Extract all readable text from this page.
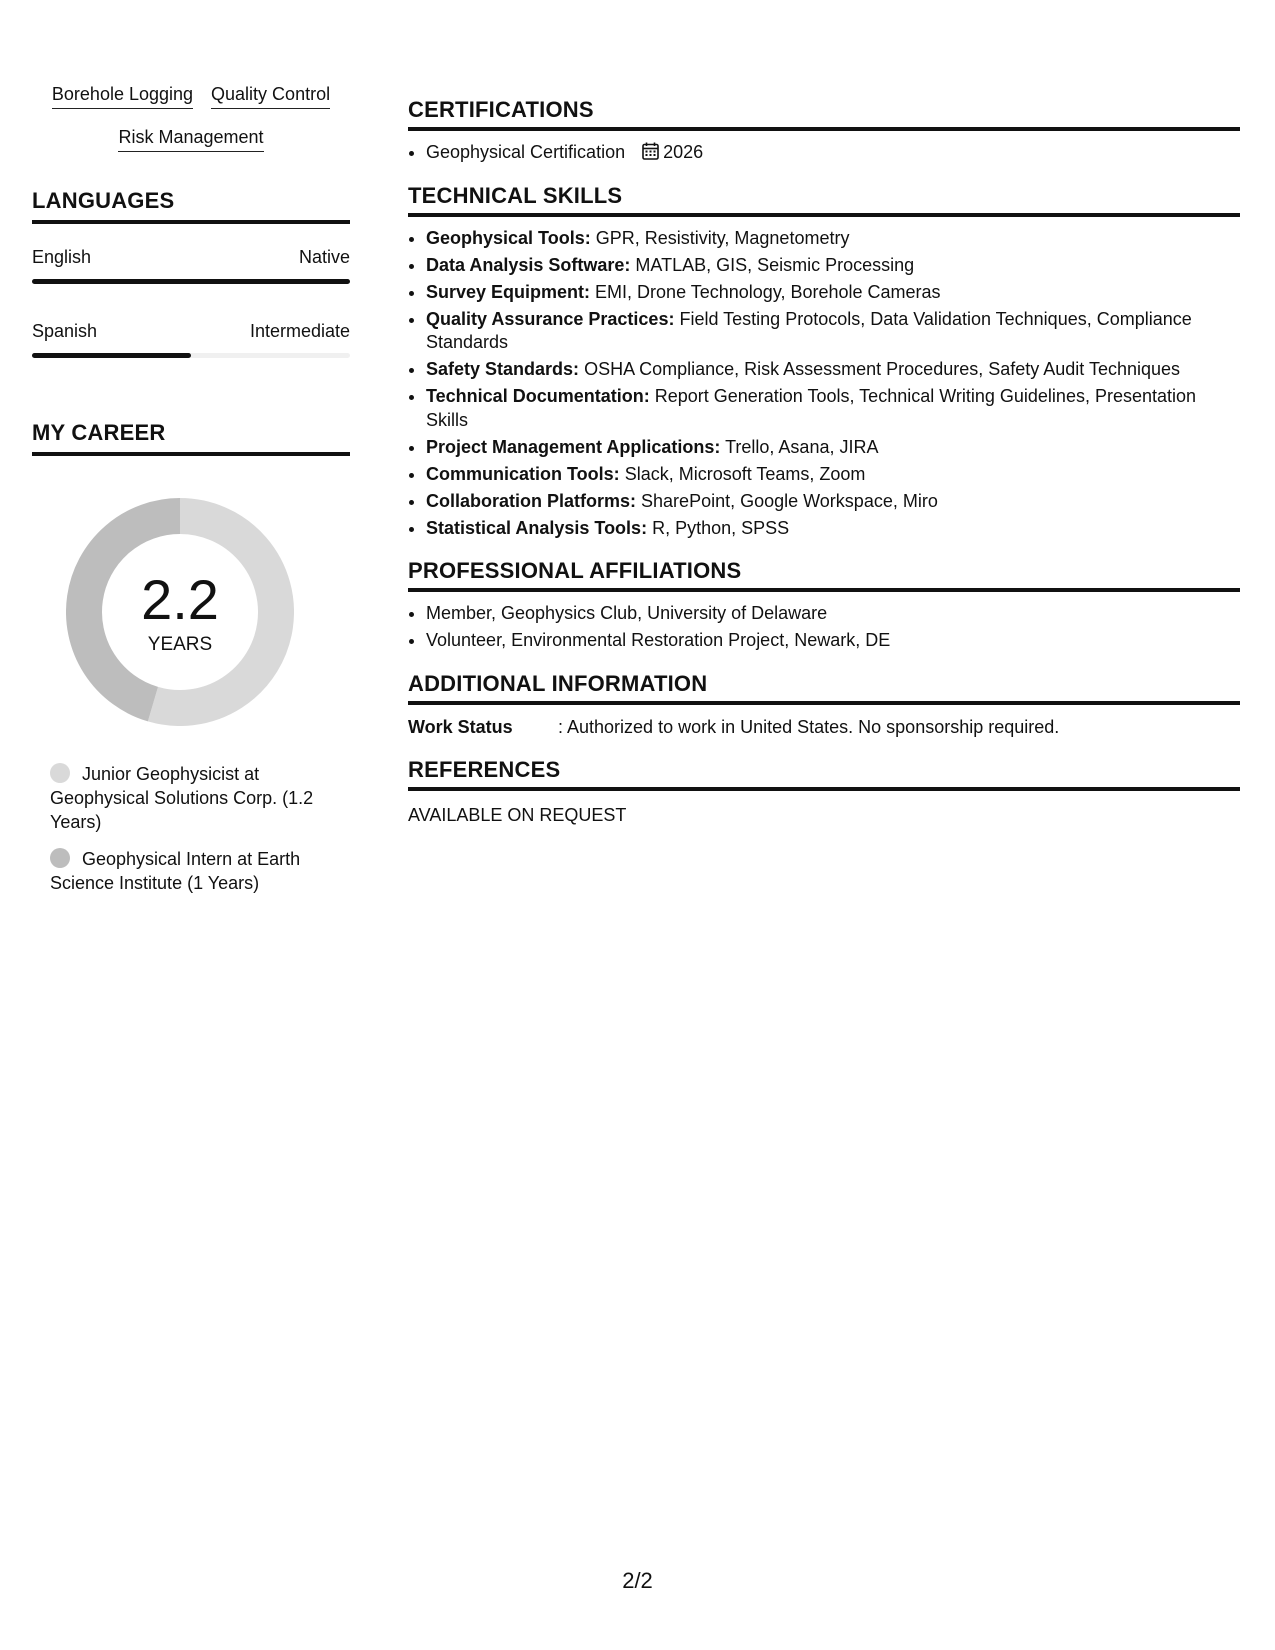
Borehole Logging Quality Control
Risk Management
LANGUAGES
English	Native
Spanish	Intermediate
MY CAREER
2.2
YEARS
Junior Geophysicist at Geophysical Solutions Corp. (1.2 Years)
Geophysical Intern at Earth Science Institute (1 Years)
CERTIFICATIONS
• Geophysical Certification 2026
TECHNICAL SKILLS
• Geophysical Tools: GPR, Resistivity, Magnetometry
• Data Analysis Software: MATLAB, GIS, Seismic Processing
• Survey Equipment: EMI, Drone Technology, Borehole Cameras
• Quality Assurance Practices: Field Testing Protocols, Data Validation Techniques, Compliance Standards
• Safety Standards: OSHA Compliance, Risk Assessment Procedures, Safety Audit Techniques
• Technical Documentation: Report Generation Tools, Technical Writing Guidelines, Presentation Skills
• Project Management Applications: Trello, Asana, JIRA
• Communication Tools: Slack, Microsoft Teams, Zoom
• Collaboration Platforms: SharePoint, Google Workspace, Miro
• Statistical Analysis Tools: R, Python, SPSS
PROFESSIONAL AFFILIATIONS
• Member, Geophysics Club, University of Delaware
• Volunteer, Environmental Restoration Project, Newark, DE
ADDITIONAL INFORMATION
Work Status	: Authorized to work in United States. No sponsorship required.
REFERENCES
AVAILABLE ON REQUEST
2/2
